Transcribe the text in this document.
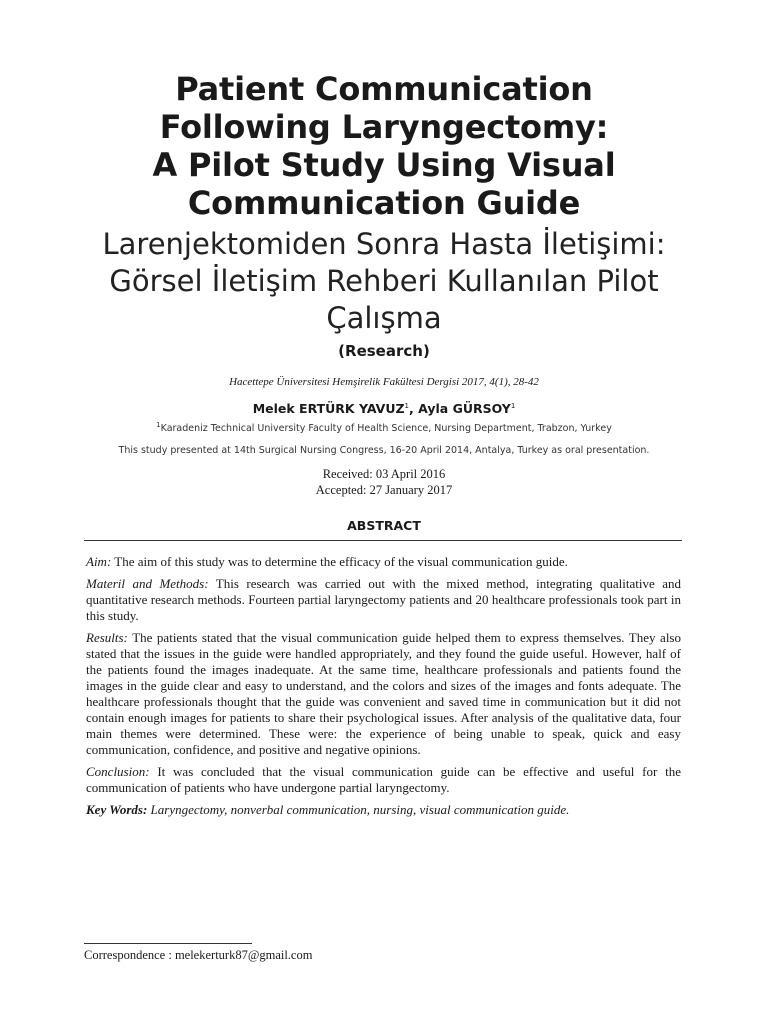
Patient Communication
Following Laryngectomy:
A Pilot Study Using Visual
Communication Guide
Larenjektomiden Sonra Hasta İletişimi:
Görsel İletişim Rehberi Kullanılan Pilot
Çalışma
(Research)
Hacettepe Üniversitesi Hemşirelik Fakültesi Dergisi 2017, 4(1), 28-42
Melek ERTÜRK YAVUZ$^1$, Ayla GÜRSOY$^1$
$^1$Karadeniz Technical University Faculty of Health Science, Nursing Department, Trabzon, Yurkey
This study presented at 14th Surgical Nursing Congress, 16-20 April 2014, Antalya, Turkey as oral presentation.
Received: 03 April 2016
Accepted: 27 January 2017
ABSTRACT

Aim: The aim of this study was to determine the efficacy of the visual communication guide.

Materil and Methods: This research was carried out with the mixed method, integrating qualitative and quantitative research methods. Fourteen partial laryngectomy patients and 20 healthcare professionals took part in this study.

Results: The patients stated that the visual communication guide helped them to express themselves. They also stated that the issues in the guide were handled appropriately, and they found the guide useful. However, half of the patients found the images inadequate. At the same time, healthcare professionals and patients found the images in the guide clear and easy to understand, and the colors and sizes of the images and fonts adequate. The healthcare professionals thought that the guide was convenient and saved time in communication but it did not contain enough images for patients to share their psychological issues. After analysis of the qualitative data, four main themes were determined. These were: the experience of being unable to speak, quick and easy communication, confidence, and positive and negative opinions.

Conclusion: It was concluded that the visual communication guide can be effective and useful for the communication of patients who have undergone partial laryngectomy.

Key Words: Laryngectomy, nonverbal communication, nursing, visual communication guide.

Correspondence : melekerturk87@gmail.com
